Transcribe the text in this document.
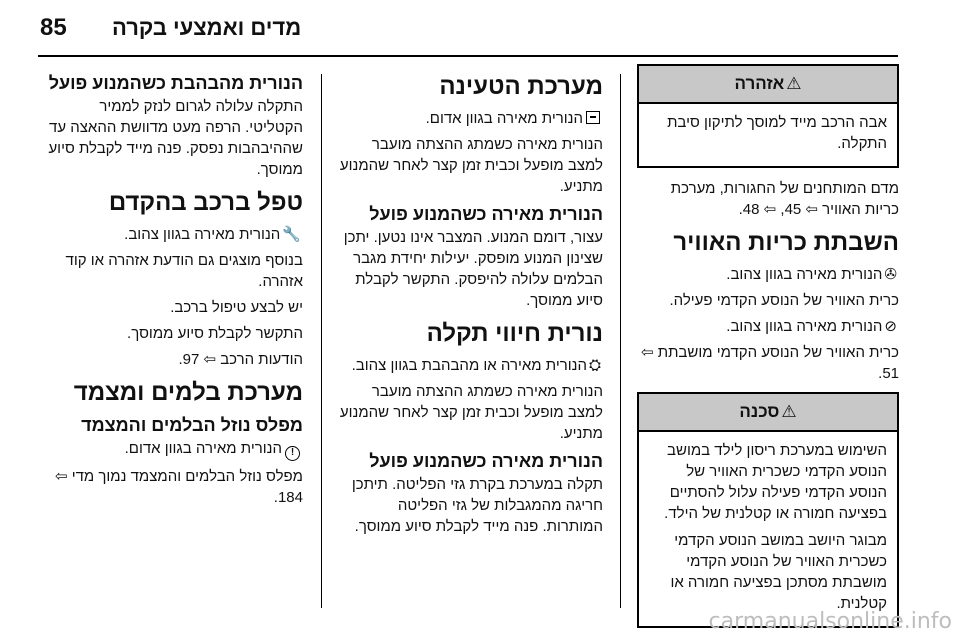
85 מדים ואמצעי בקרה
⚠
אזהרה
אבה הרכב מייד למוסך לתיקון סיבת התקלה.
מדם המותחנים של החגורות, מערכת כריות האוויר ⇦ 45, ⇦ 48.
השבתת כריות האוויר
✇הנורית מאירה בגוון צהוב.
כרית האוויר של הנוסע הקדמי פעילה.
⊘הנורית מאירה בגוון צהוב.
כרית האוויר של הנוסע הקדמי מושבתת ⇦ 51.
⚠
סכנה
השימוש במערכת ריסון לילד במושב הנוסע הקדמי כשכרית האוויר של הנוסע הקדמי פעילה עלול להסתיים בפציעה חמורה או קטלנית של הילד.
מבוגר היושב במושב הנוסע הקדמי כשכרית האוויר של הנוסע הקדמי מושבתת מסתכן בפציעה חמורה או קטלנית.
מערכת הטעינה
הנורית מאירה בגוון אדום.
הנורית מאירה כשמתג ההצתה מועבר למצב מופעל וכבית זמן קצר לאחר שהמנוע מתניע.
הנורית מאירה כשהמנוע פועל
עצור, דומם המנוע. המצבר אינו נטען. יתכן שצינון המנוע מופסק. יעילות יחידת מגבר הבלמים עלולה להיפסק. התקשר לקבלת סיוע ממוסך.
נורית חיווי תקלה
⛭הנורית מאירה או מהבהבת בגוון צהוב.
הנורית מאירה כשמתג ההצתה מועבר למצב מופעל וכבית זמן קצר לאחר שהמנוע מתניע.
הנורית מאירה כשהמנוע פועל
תקלה במערכת בקרת גזי הפליטה. תיתכן חריגה מהמגבלות של גזי הפליטה המותרות. פנה מייד לקבלת סיוע ממוסך.
הנורית מהבהבת כשהמנוע פועל
התקלה עלולה לגרום לנזק לממיר הקטליטי. הרפה מעט מדוושת ההאצה עד שההיבהבות נפסק. פנה מייד לקבלת סיוע ממוסך.
טפל ברכב בהקדם
🔧הנורית מאירה בגוון צהוב.
בנוסף מוצגים גם הודעת אזהרה או קוד אזהרה.
יש לבצע טיפול ברכב.
התקשר לקבלת סיוע ממוסך.
הודעות הרכב ⇦ 97.
מערכת בלמים ומצמד
מפלס נוזל הבלמים והמצמד
!הנורית מאירה בגוון אדום.
מפלס נוזל הבלמים והמצמד נמוך מדי ⇦ 184.
carmanualsonline.info
